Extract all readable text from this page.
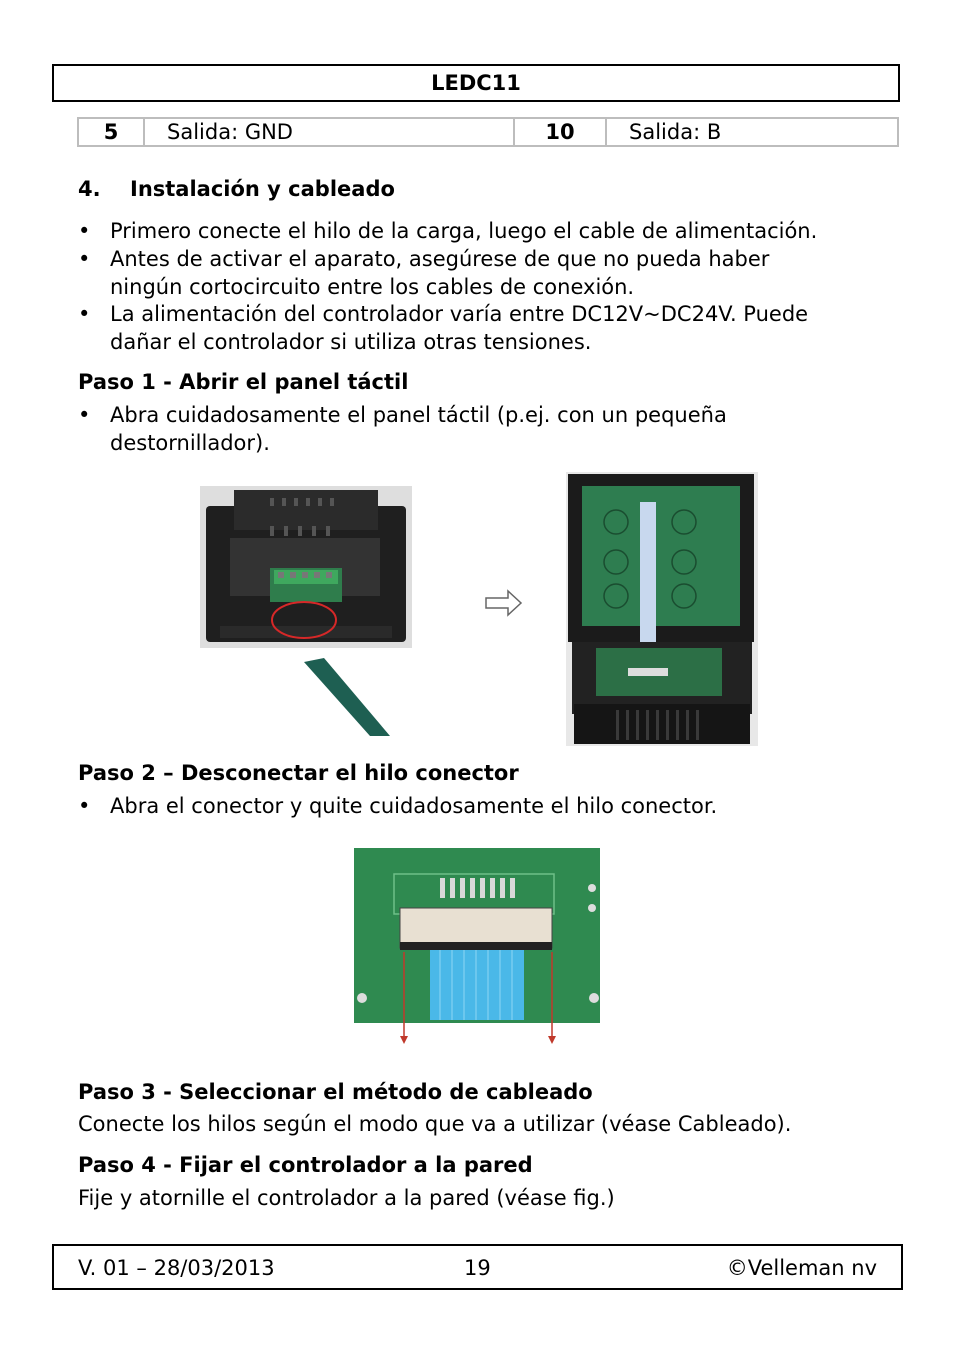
LEDC11
5	Salida: GND	10	Salida: B
4. Instalación y cableado
• Primero conecte el hilo de la carga, luego el cable de alimentación.
• Antes de activar el aparato, asegúrese de que no pueda haber
ningún cortocircuito entre los cables de conexión.
• La alimentación del controlador varía entre DC12V~DC24V. Puede
dañar el controlador si utiliza otras tensiones.
Paso 1 - Abrir el panel táctil
• Abra cuidadosamente el panel táctil (p.ej. con un pequeña
destornillador).
Paso 2 – Desconectar el hilo conector
• Abra el conector y quite cuidadosamente el hilo conector.
Paso 3 - Seleccionar el método de cableado
Conecte los hilos según el modo que va a utilizar (véase Cableado).
Paso 4 - Fijar el controlador a la pared
Fije y atornille el controlador a la pared (véase fig.)
V. 01 – 28/03/2013	19	©Velleman nv
